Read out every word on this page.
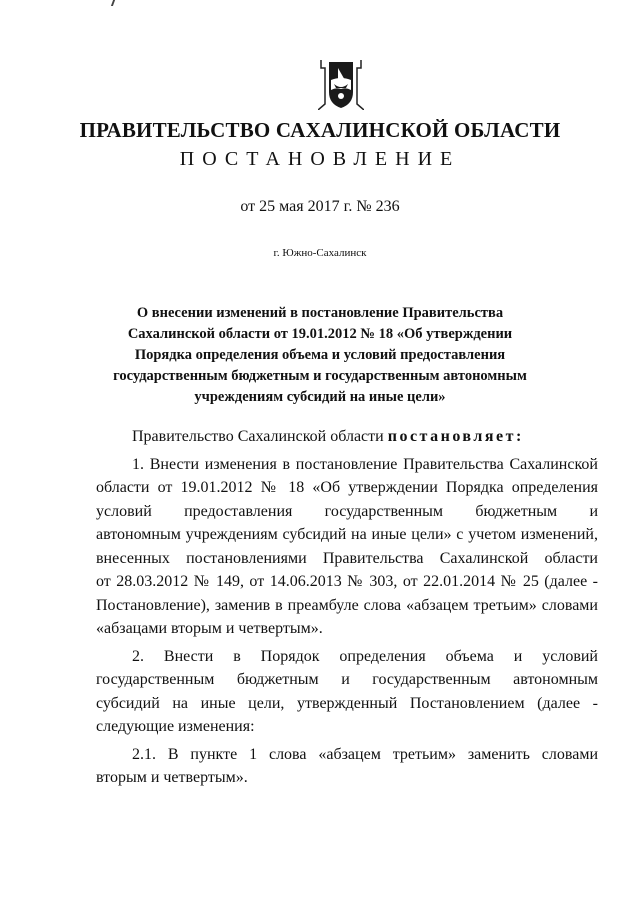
ПРАВИТЕЛЬСТВО САХАЛИНСКОЙ ОБЛАСТИ
ПОСТАНОВЛЕНИЕ
от 25 мая 2017 г. № 236
г. Южно-Сахалинск
О внесении изменений в постановление Правительства
Сахалинской области от 19.01.2012 № 18 «Об утверждении
Порядка определения объема и условий предоставления
государственным бюджетным и государственным автономным
учреждениям субсидий на иные цели»
Правительство Сахалинской области постановляет:
1. Внести изменения в постановление Правительства Сахалинской
области от 19.01.2012 № 18 «Об утверждении Порядка определения
условий предоставления государственным бюджетным и
автономным учреждениям субсидий на иные цели» с учетом изменений,
внесенных постановлениями Правительства Сахалинской области
от 28.03.2012 № 149, от 14.06.2013 № 303, от 22.01.2014 № 25 (далее -
Постановление), заменив в преамбуле слова «абзацем третьим» словами
«абзацами вторым и четвертым».
2. Внести в Порядок определения объема и условий
государственным бюджетным и государственным автономным
субсидий на иные цели, утвержденный Постановлением (далее -
следующие изменения:
2.1. В пункте 1 слова «абзацем третьим» заменить словами
вторым и четвертым».
